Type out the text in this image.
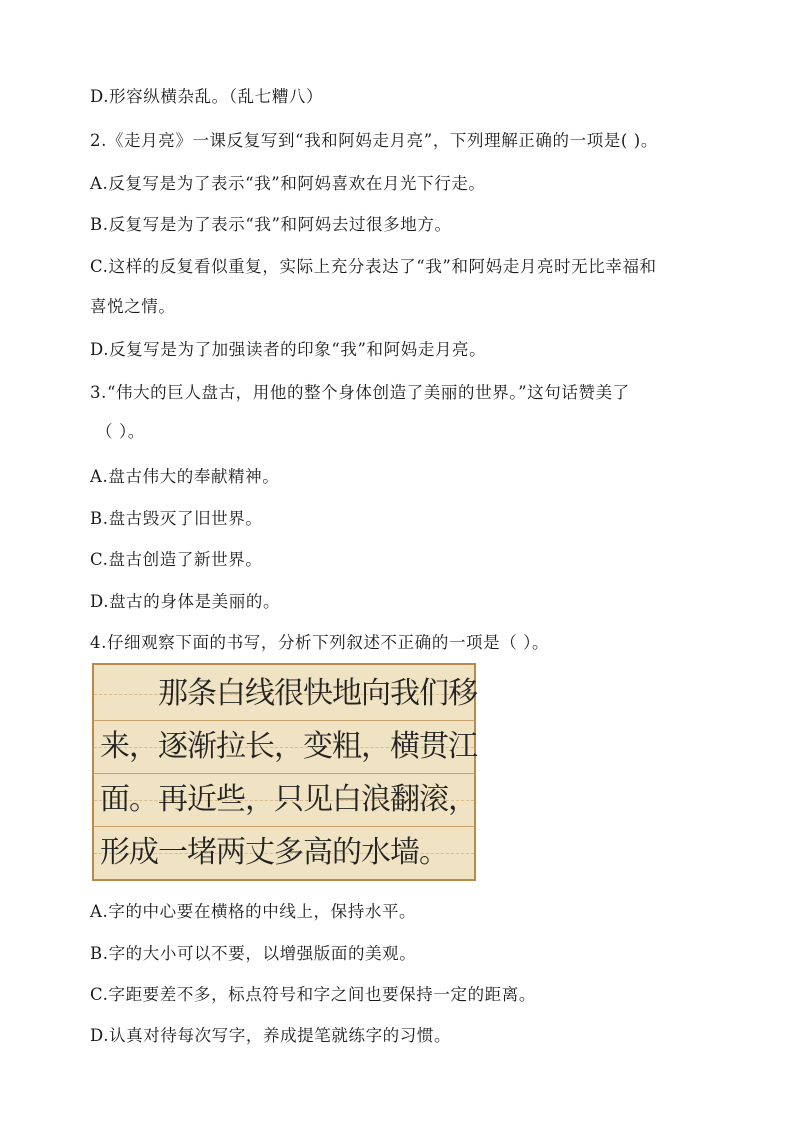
D.形容纵横杂乱。（乱七糟八）
2.《走月亮》一课反复写到“我和阿妈走月亮”，下列理解正确的一项是( )。
A.反复写是为了表示“我”和阿妈喜欢在月光下行走。
B.反复写是为了表示“我”和阿妈去过很多地方。
C.这样的反复看似重复，实际上充分表达了“我”和阿妈走月亮时无比幸福和
喜悦之情。
D.反复写是为了加强读者的印象“我”和阿妈走月亮。
3.“伟大的巨人盘古，用他的整个身体创造了美丽的世界。”这句话赞美了
（ ）。
A.盘古伟大的奉献精神。
B.盘古毁灭了旧世界。
C.盘古创造了新世界。
D.盘古的身体是美丽的。
4.仔细观察下面的书写，分析下列叙述不正确的一项是（ ）。
　　那条白线很快地向我们移
来，逐渐拉长，变粗，横贯江
面。再近些，只见白浪翻滚，
形成一堵两丈多高的水墙。
A.字的中心要在横格的中线上，保持水平。
B.字的大小可以不要，以增强版面的美观。
C.字距要差不多，标点符号和字之间也要保持一定的距离。
D.认真对待每次写字，养成提笔就练字的习惯。
